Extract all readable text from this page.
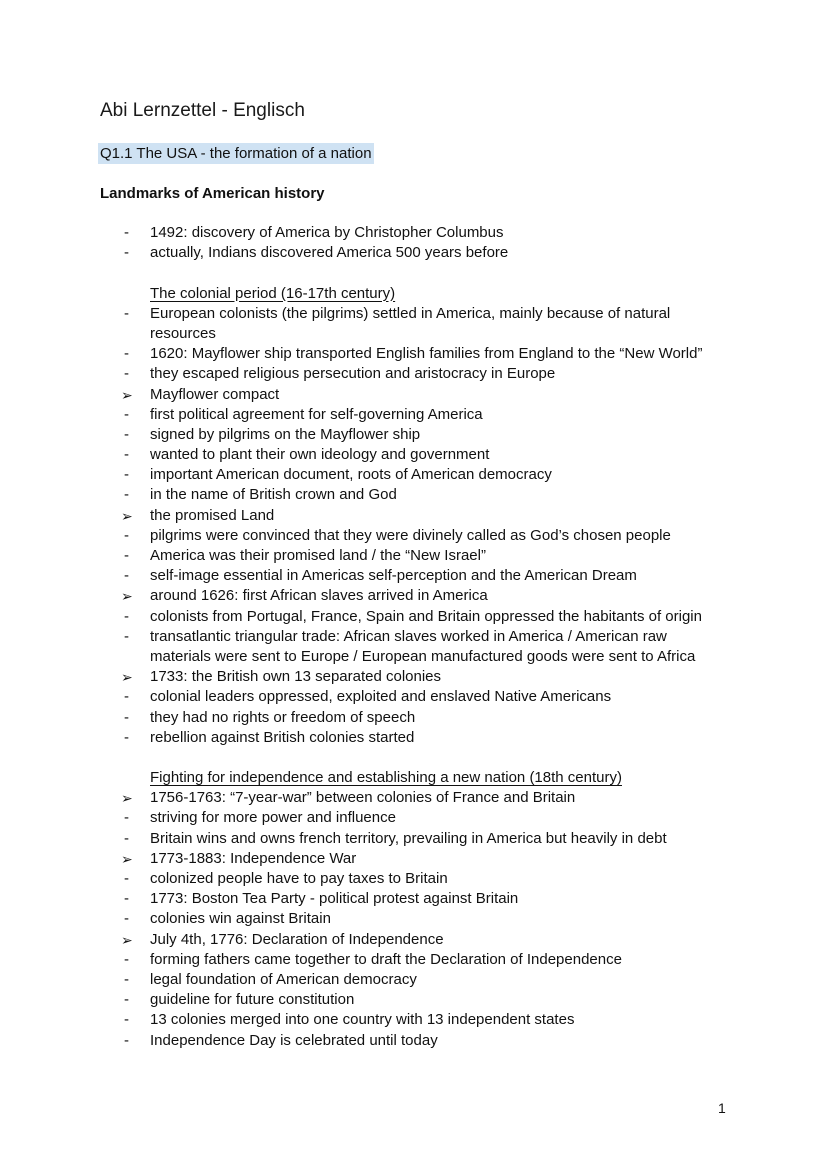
Abi Lernzettel - Englisch
Q1.1 The USA - the formation of a nation
Landmarks of American history
-	1492: discovery of America by Christopher Columbus
-	actually, Indians discovered America 500 years before
The colonial period (16-17th century)
-	European colonists (the pilgrims) settled in America, mainly because of natural
resources
-	1620: Mayflower ship transported English families from England to the “New World”
-	they escaped religious persecution and aristocracy in Europe
➢	Mayflower compact
-	first political agreement for self-governing America
-	signed by pilgrims on the Mayflower ship
-	wanted to plant their own ideology and government
-	important American document, roots of American democracy
-	in the name of British crown and God
➢	the promised Land
-	pilgrims were convinced that they were divinely called as God’s chosen people
-	America was their promised land / the “New Israel”
-	self-image essential in Americas self-perception and the American Dream
➢	around 1626: first African slaves arrived in America
-	colonists from Portugal, France, Spain and Britain oppressed the habitants of origin
-	transatlantic triangular trade: African slaves worked in America / American raw
materials were sent to Europe / European manufactured goods were sent to Africa
➢	1733: the British own 13 separated colonies
-	colonial leaders oppressed, exploited and enslaved Native Americans
-	they had no rights or freedom of speech
-	rebellion against British colonies started
Fighting for independence and establishing a new nation (18th century)
➢	1756-1763: “7-year-war” between colonies of France and Britain
-	striving for more power and influence
-	Britain wins and owns french territory, prevailing in America but heavily in debt
➢	1773-1883: Independence War
-	colonized people have to pay taxes to Britain
-	1773: Boston Tea Party - political protest against Britain
-	colonies win against Britain
➢	July 4th, 1776: Declaration of Independence
-	forming fathers came together to draft the Declaration of Independence
-	legal foundation of American democracy
-	guideline for future constitution
-	13 colonies merged into one country with 13 independent states
-	Independence Day is celebrated until today
1
